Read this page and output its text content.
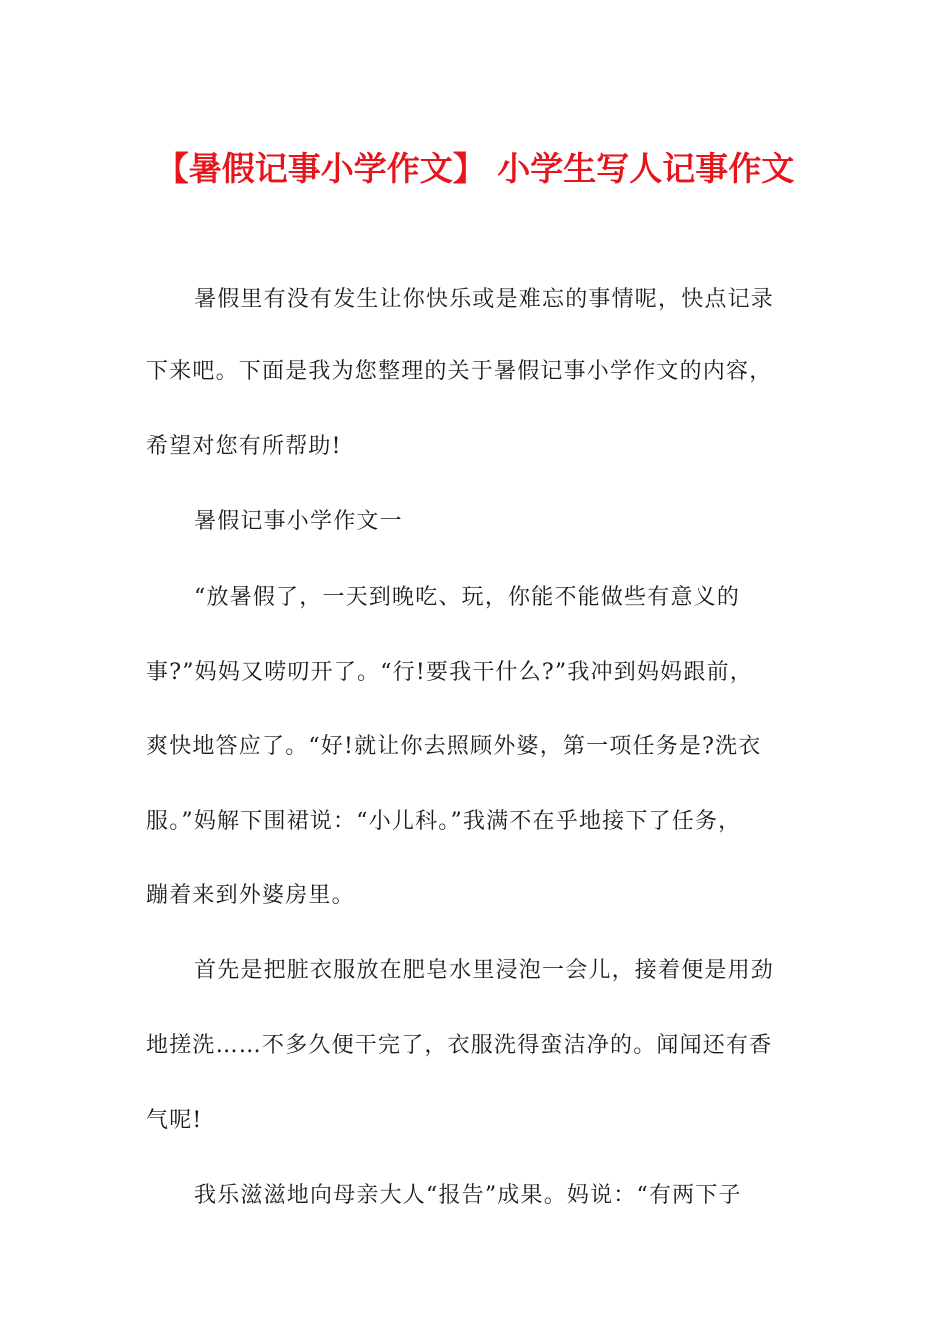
【暑假记事小学作文】 小学生写人记事作文
暑假里有没有发生让你快乐或是难忘的事情呢，快点记录
下来吧。下面是我为您整理的关于暑假记事小学作文的内容，
希望对您有所帮助!
暑假记事小学作文一
“放暑假了，一天到晚吃、玩，你能不能做些有意义的
事?”妈妈又唠叨开了。“行!要我干什么?”我冲到妈妈跟前，
爽快地答应了。“好!就让你去照顾外婆，第一项任务是?洗衣
服。”妈解下围裙说：“小儿科。”我满不在乎地接下了任务，
蹦着来到外婆房里。
首先是把脏衣服放在肥皂水里浸泡一会儿，接着便是用劲
地搓洗……不多久便干完了，衣服洗得蛮洁净的。闻闻还有香
气呢!
我乐滋滋地向母亲大人“报告”成果。妈说：“有两下子
